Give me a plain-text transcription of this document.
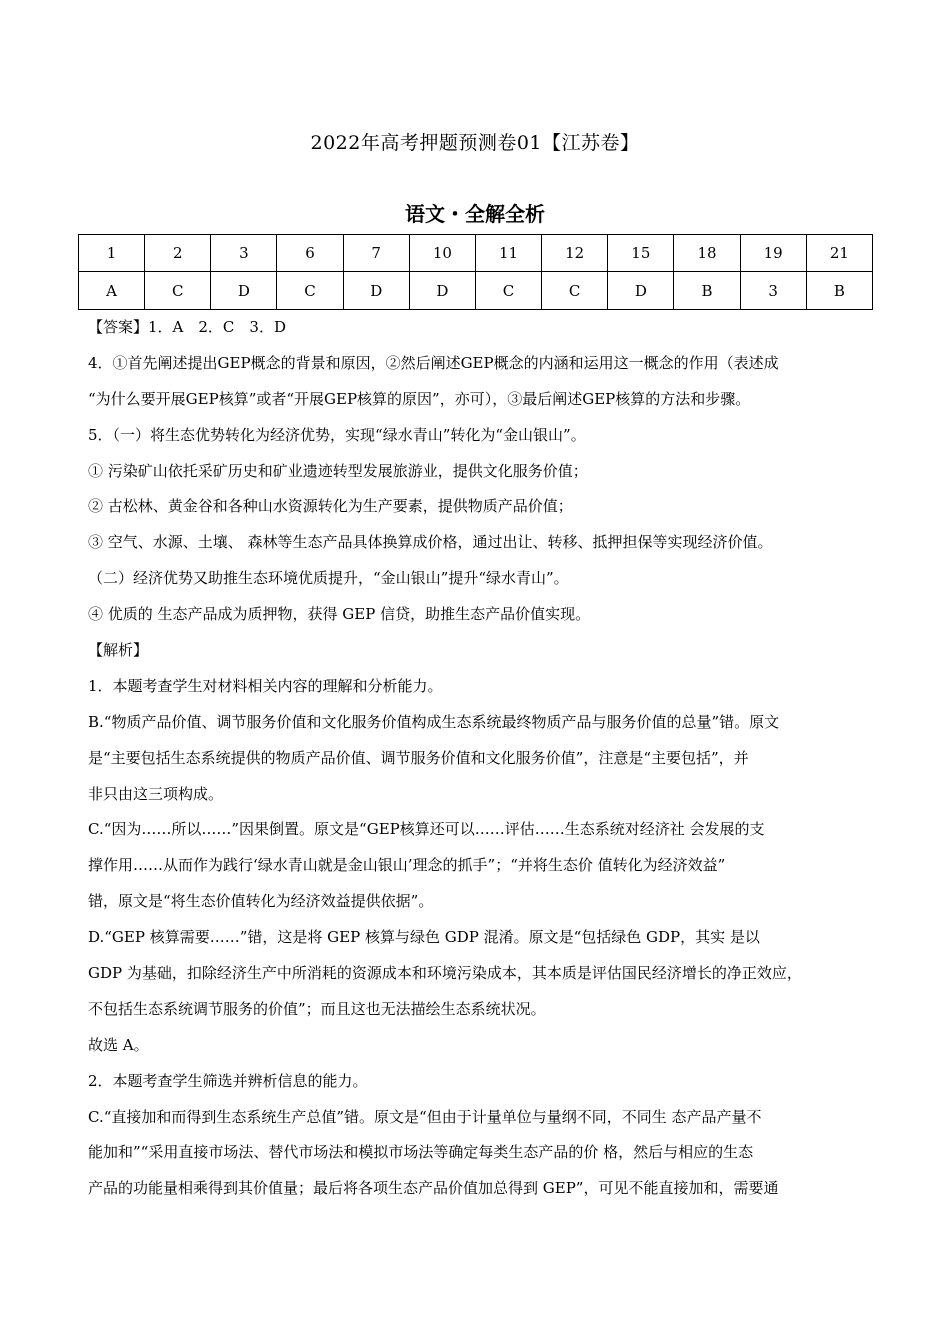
2022年高考押题预测卷01【江苏卷】
语文・全解全析
1	2	3	6	7	10	11	12	15	18	19	21
A	C	D	C	D	D	C	C	D	B	3	B
【答案】1．A　2．C　3．D
4．①首先阐述提出GEP概念的背景和原因，②然后阐述GEP概念的内涵和运用这一概念的作用（表述成
“为什么要开展GEP核算”或者“开展GEP核算的原因”，亦可），③最后阐述GEP核算的方法和步骤。
5．（一）将生态优势转化为经济优势，实现“绿水青山”转化为“金山银山”。
① 污染矿山依托采矿历史和矿业遗迹转型发展旅游业，提供文化服务价值；
② 古松林、黄金谷和各种山水资源转化为生产要素，提供物质产品价值；
③ 空气、水源、土壤、 森林等生态产品具体换算成价格，通过出让、转移、抵押担保等实现经济价值。
（二）经济优势又助推生态环境优质提升，“金山银山”提升“绿水青山”。
④ 优质的 生态产品成为质押物，获得 GEP 信贷，助推生态产品价值实现。
【解析】
1．本题考查学生对材料相关内容的理解和分析能力。
B.“物质产品价值、调节服务价值和文化服务价值构成生态系统最终物质产品与服务价值的总量”错。原文
是“主要包括生态系统提供的物质产品价值、调节服务价值和文化服务价值”，注意是“主要包括”，并
非只由这三项构成。
C.“因为……所以……”因果倒置。原文是“GEP核算还可以……评估……生态系统对经济社 会发展的支
撑作用……从而作为践行‘绿水青山就是金山银山’理念的抓手”；“并将生态价 值转化为经济效益”
错，原文是“将生态价值转化为经济效益提供依据”。
D.“GEP 核算需要……”错，这是将 GEP 核算与绿色 GDP 混淆。原文是“包括绿色 GDP，其实 是以
GDP 为基础，扣除经济生产中所消耗的资源成本和环境污染成本，其本质是评估国民经济增长的净正效应，
不包括生态系统调节服务的价值”；而且这也无法描绘生态系统状况。
故选 A。
2．本题考查学生筛选并辨析信息的能力。
C.“直接加和而得到生态系统生产总值”错。原文是“但由于计量单位与量纲不同，不同生 态产品产量不
能加和”“采用直接市场法、替代市场法和模拟市场法等确定每类生态产品的价 格，然后与相应的生态
产品的功能量相乘得到其价值量；最后将各项生态产品价值加总得到 GEP”，可见不能直接加和，需要通
